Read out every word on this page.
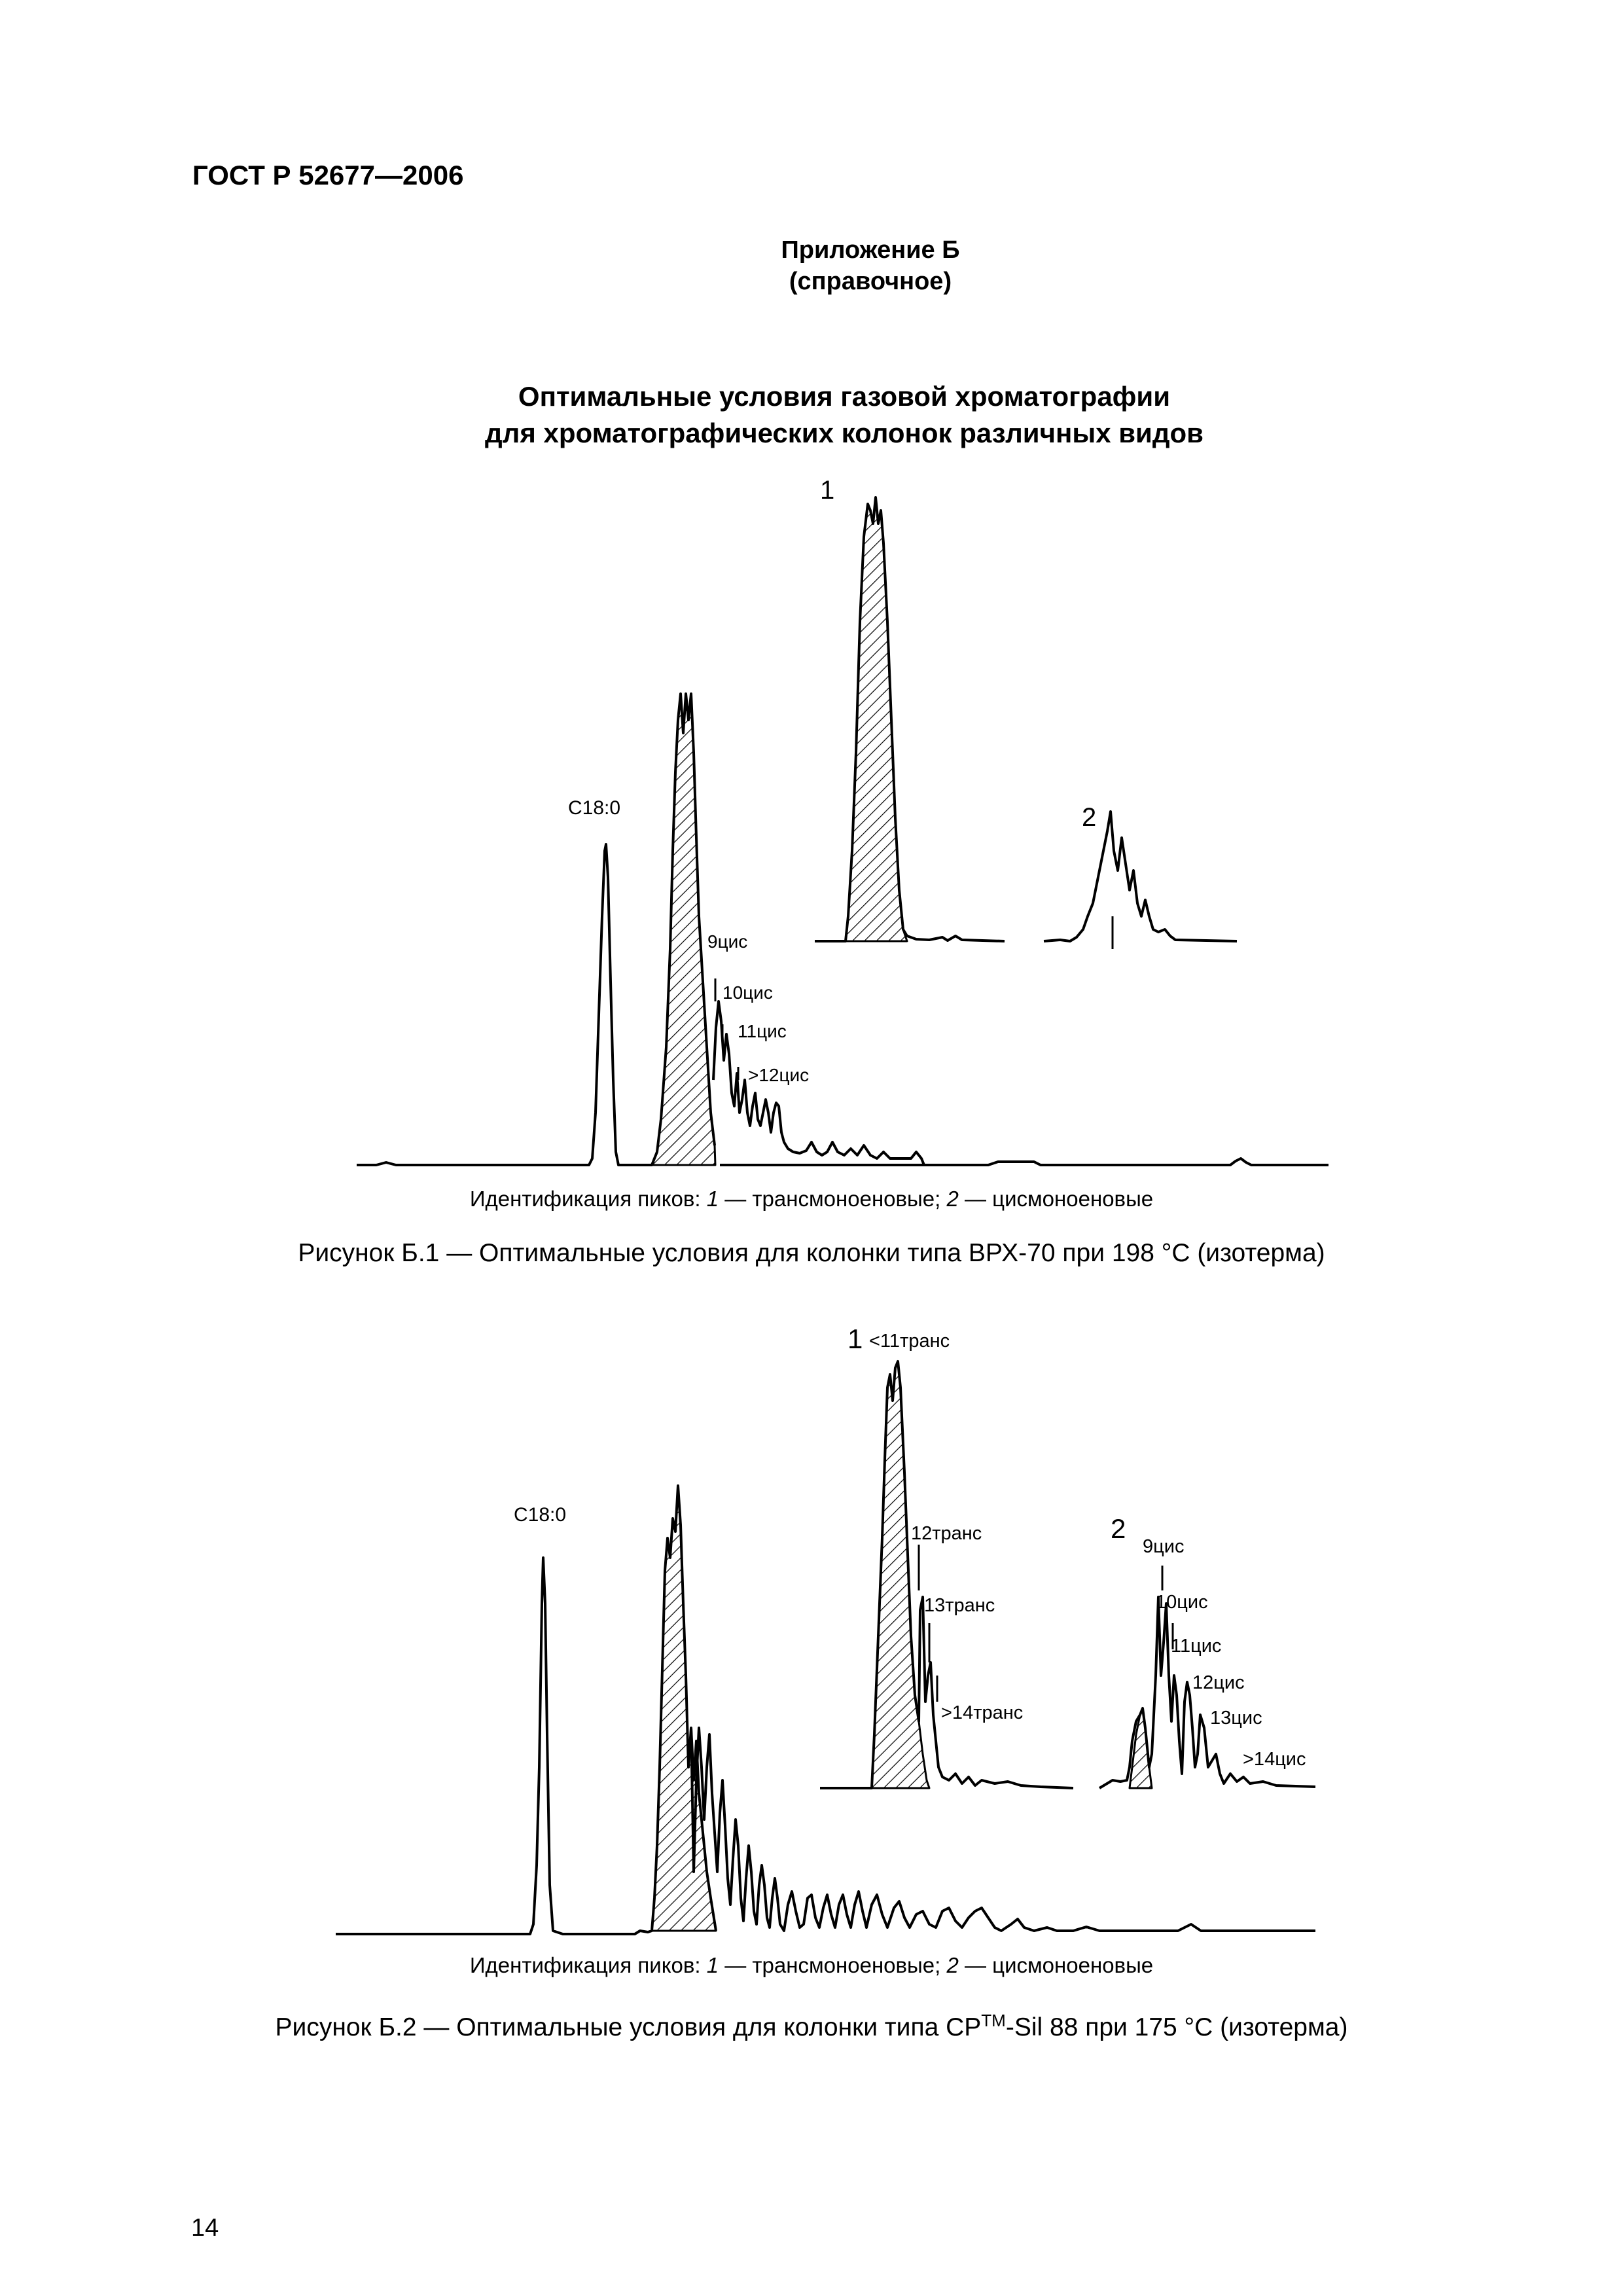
ГОСТ Р 52677—2006
Приложение Б
(справочное)
Оптимальные условия газовой хроматографии
для хроматографических колонок различных видов
С18:0
1
2
9цис
10цис
11цис
>12цис
С18:0
1 <11транс
12транс
13транс
>14транс
2
9цис
10цис
11цис
12цис
13цис
>14цис
Идентификация пиков: 1 — трансмоноеновые; 2 — цисмоноеновые
Рисунок Б.1 — Оптимальные условия для колонки типа ВРХ-70 при 198 °С (изотерма)
Идентификация пиков: 1 — трансмоноеновые; 2 — цисмоноеновые
Рисунок Б.2 — Оптимальные условия для колонки типа CP™-Sil 88 при 175 °С (изотерма)
14
